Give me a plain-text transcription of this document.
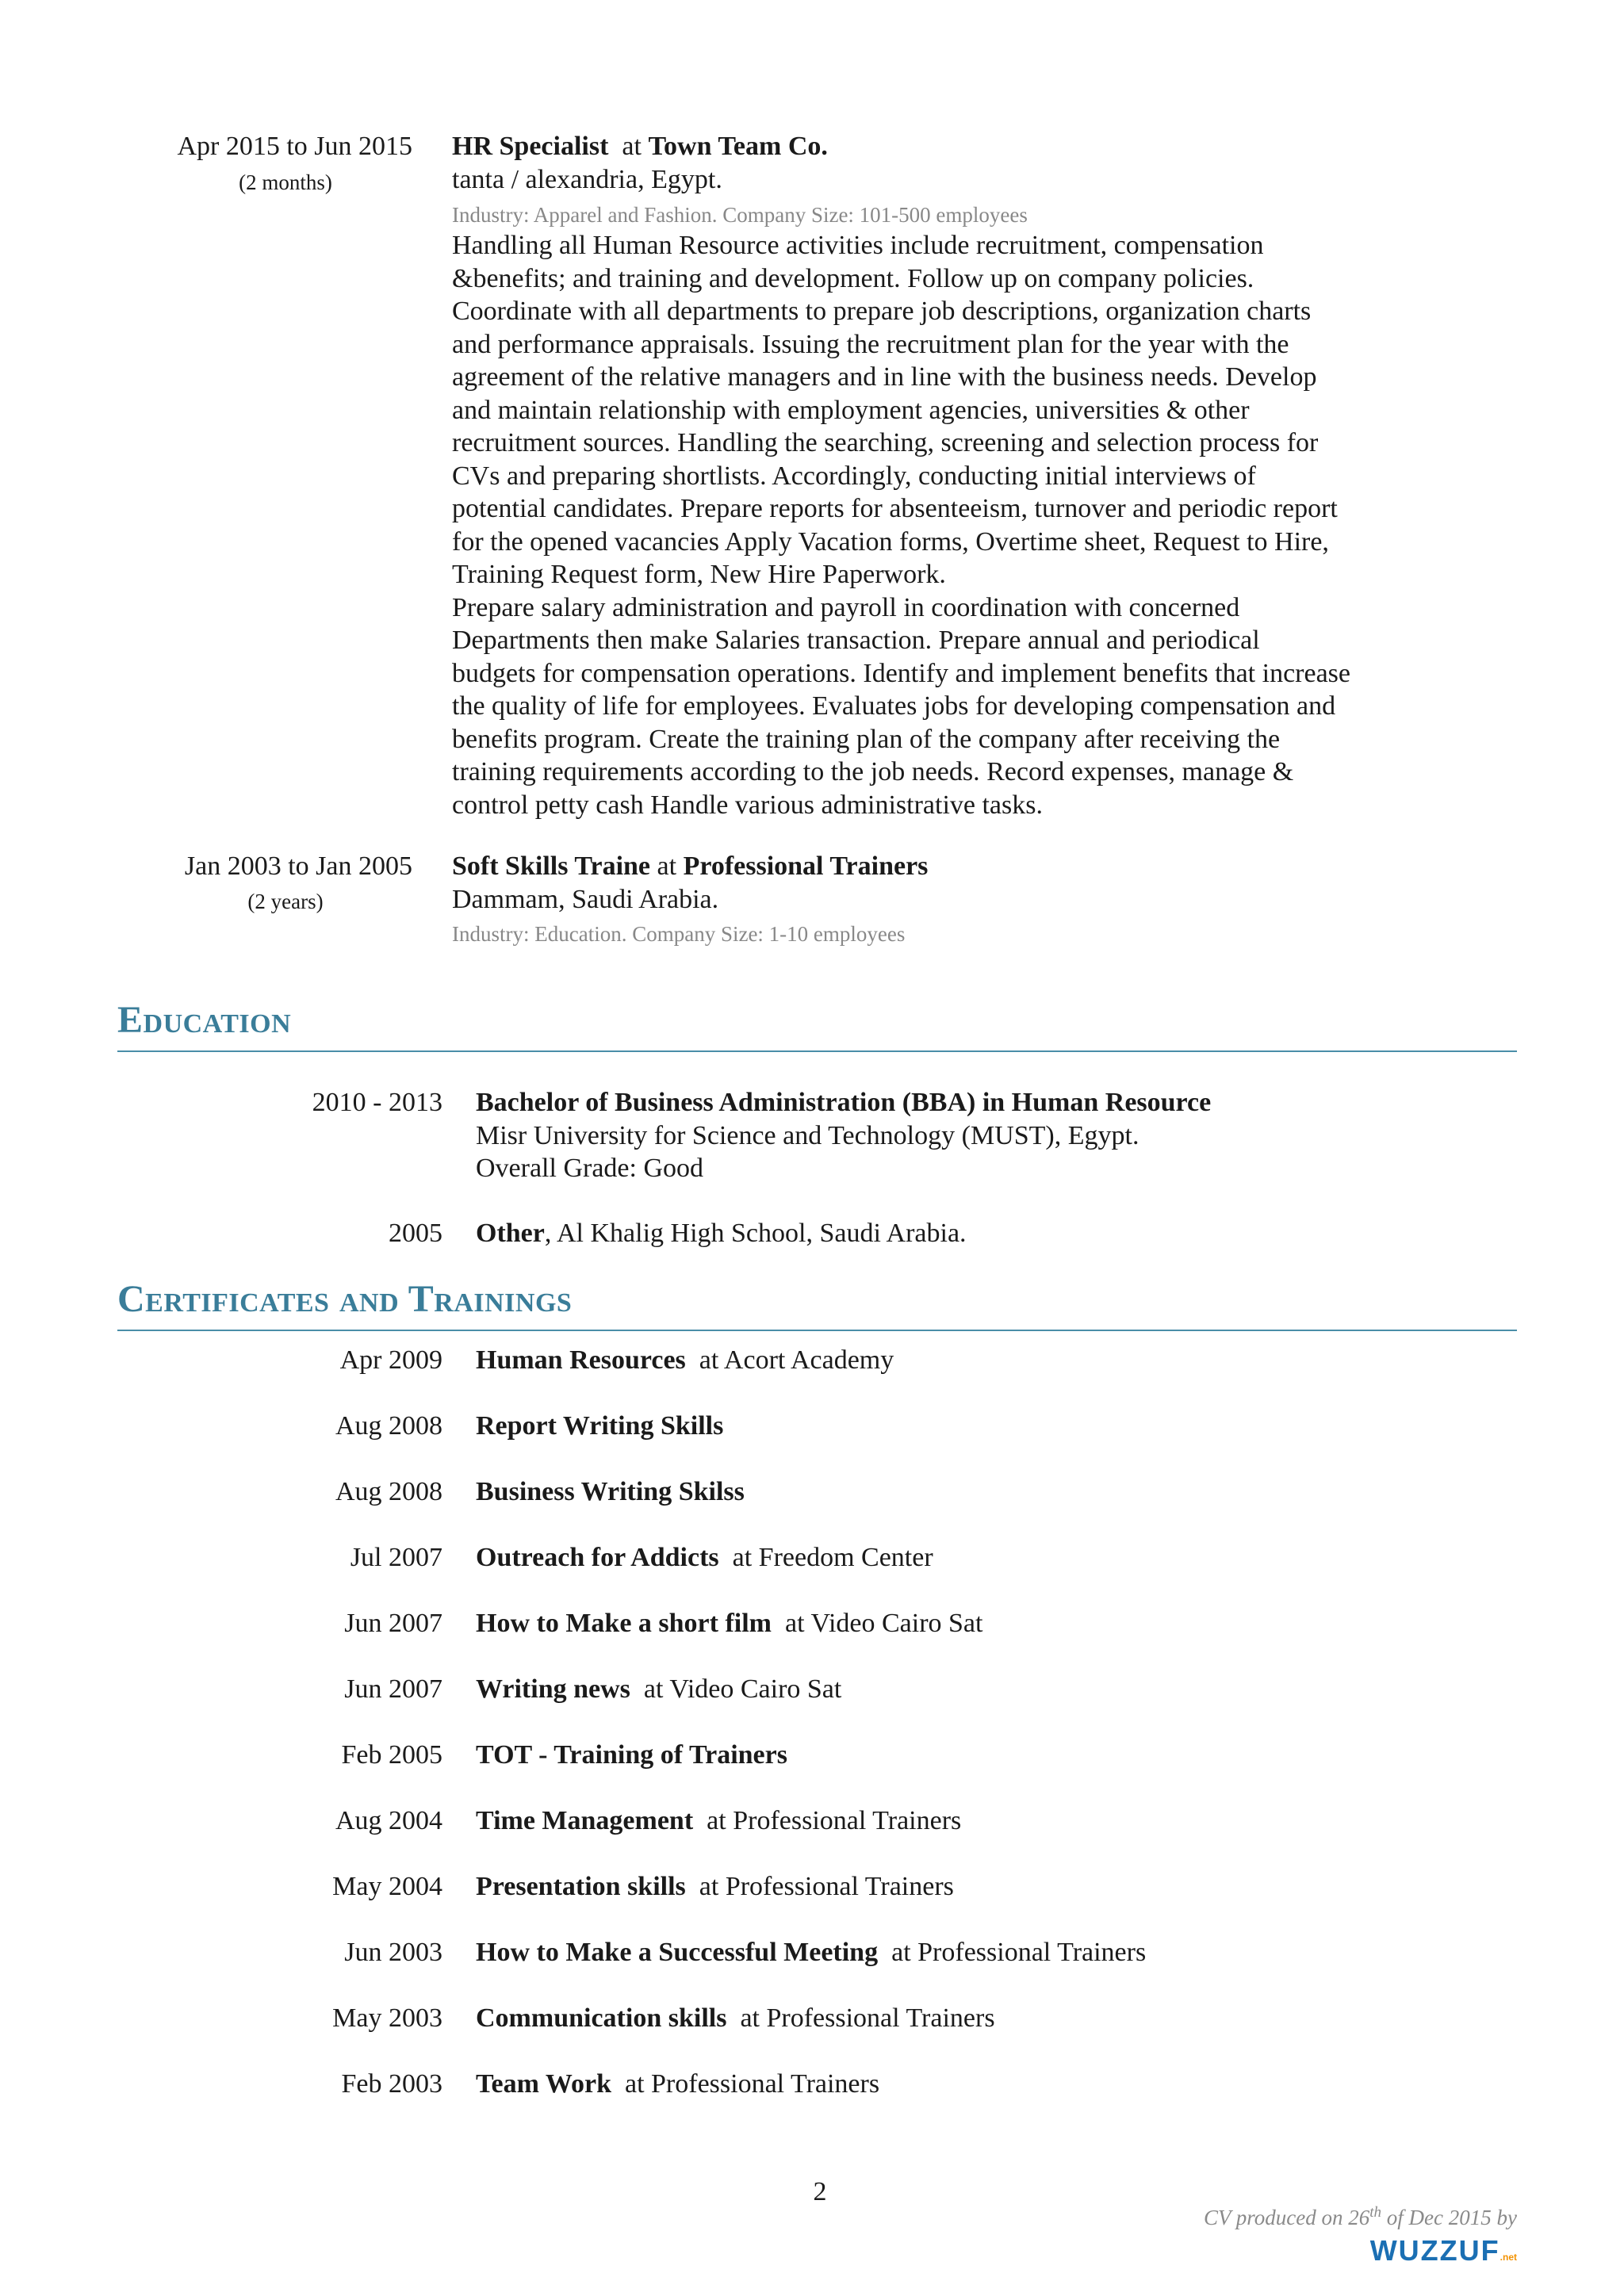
Apr 2015 to Jun 2015
(2 months)
HR Specialist at Town Team Co.
tanta / alexandria, Egypt.
Industry: Apparel and Fashion. Company Size: 101-500 employees
Handling all Human Resource activities include recruitment, compensation
&benefits; and training and development. Follow up on company policies.
Coordinate with all departments to prepare job descriptions, organization charts
and performance appraisals. Issuing the recruitment plan for the year with the
agreement of the relative managers and in line with the business needs. Develop
and maintain relationship with employment agencies, universities & other
recruitment sources. Handling the searching, screening and selection process for
CVs and preparing shortlists. Accordingly, conducting initial interviews of
potential candidates. Prepare reports for absenteeism, turnover and periodic report
for the opened vacancies Apply Vacation forms, Overtime sheet, Request to Hire,
Training Request form, New Hire Paperwork.
Prepare salary administration and payroll in coordination with concerned
Departments then make Salaries transaction. Prepare annual and periodical
budgets for compensation operations. Identify and implement benefits that increase
the quality of life for employees. Evaluates jobs for developing compensation and
benefits program. Create the training plan of the company after receiving the
training requirements according to the job needs. Record expenses, manage &
control petty cash Handle various administrative tasks.
Jan 2003 to Jan 2005
(2 years)
Soft Skills Traine at Professional Trainers
Dammam, Saudi Arabia.
Industry: Education. Company Size: 1-10 employees
Education
2010 - 2013 Bachelor of Business Administration (BBA) in Human Resource
Misr University for Science and Technology (MUST), Egypt.
Overall Grade: Good
2005 Other, Al Khalig High School, Saudi Arabia.
Certificates and Trainings
Apr 2009 Human Resources at Acort Academy
Aug 2008 Report Writing Skills
Aug 2008 Business Writing Skilss
Jul 2007 Outreach for Addicts at Freedom Center
Jun 2007 How to Make a short film at Video Cairo Sat
Jun 2007 Writing news at Video Cairo Sat
Feb 2005 TOT - Training of Trainers
Aug 2004 Time Management at Professional Trainers
May 2004 Presentation skills at Professional Trainers
Jun 2003 How to Make a Successful Meeting at Professional Trainers
May 2003 Communication skills at Professional Trainers
Feb 2003 Team Work at Professional Trainers
2
CV produced on 26th of Dec 2015 by
WUZZUF.net
